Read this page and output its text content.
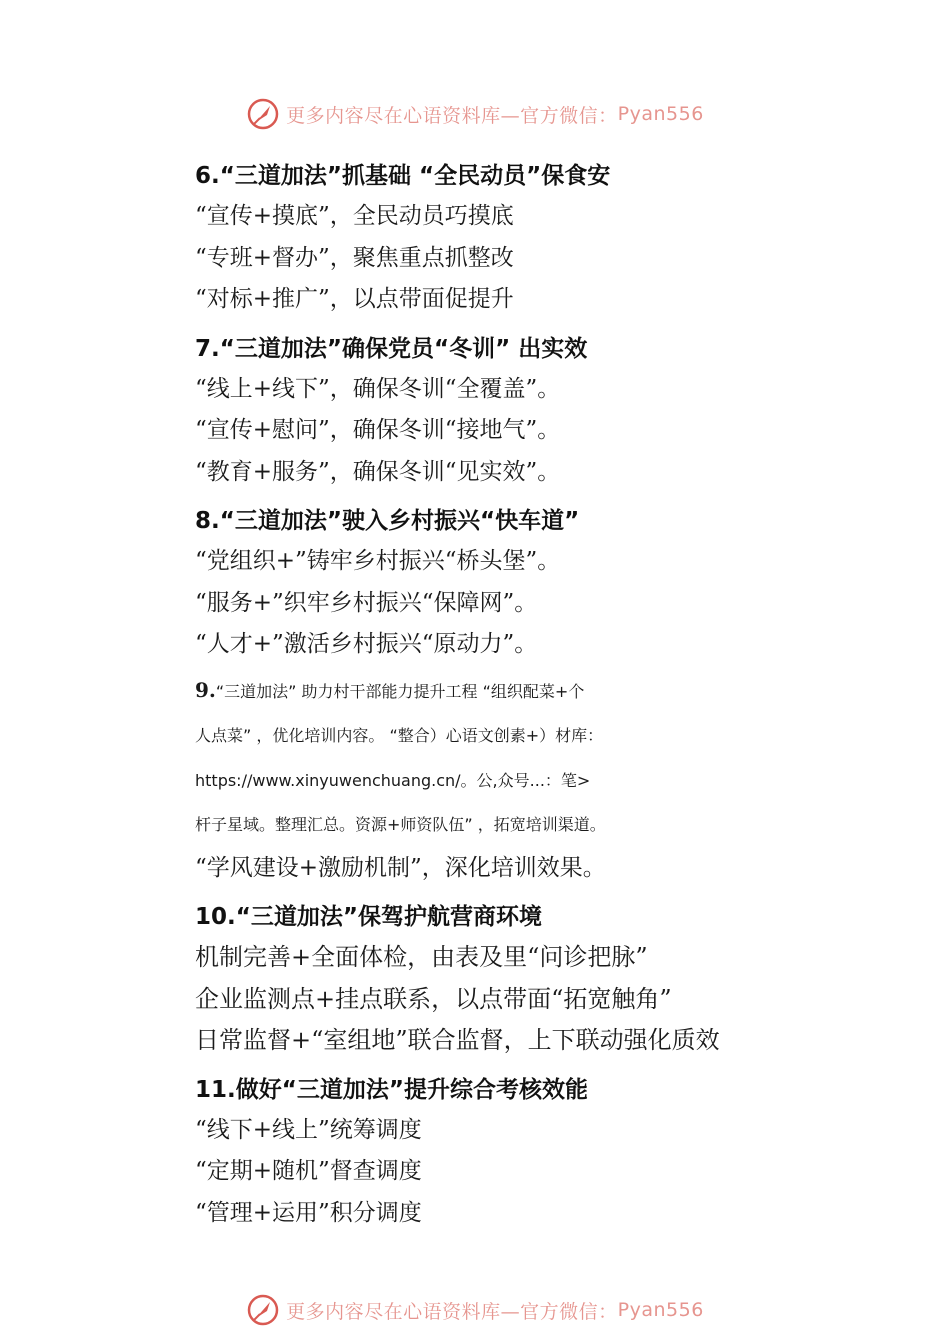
更多内容尽在心语资料库—官方微信： Pyan556

6.“三道加法”抓基础 “全民动员”保食安

“宣传+摸底”，全民动员巧摸底

“专班+督办”，聚焦重点抓整改

“对标+推广”，以点带面促提升

7.“三道加法”确保党员“冬训” 出实效

“线上+线下”，确保冬训“全覆盖”。

“宣传+慰问”，确保冬训“接地气”。

“教育+服务”，确保冬训“见实效”。

8.“三道加法”驶入乡村振兴“快车道”

“党组织+”铸牢乡村振兴“桥头堡”。

“服务+”织牢乡村振兴“保障网”。

“人才+”激活乡村振兴“原动力”。

9.“三道加法” 助力村干部能力提升工程 “组织配菜+个

人点菜” ，优化培训内容。 “整合）心语文创素+）材库：

https://www.xinyuwenchuang.cn/。公,众号...：笔>

杆子星域。整理汇总。资源+师资队伍” ，拓宽培训渠道。

“学风建设+激励机制”，深化培训效果。

10.“三道加法”保驾护航营商环境

机制完善+全面体检，由表及里“问诊把脉”

企业监测点+挂点联系，以点带面“拓宽触角”

日常监督+“室组地”联合监督，上下联动强化质效

11.做好“三道加法”提升综合考核效能

“线下+线上”统筹调度

“定期+随机”督查调度

“管理+运用”积分调度

更多内容尽在心语资料库—官方微信： Pyan556
